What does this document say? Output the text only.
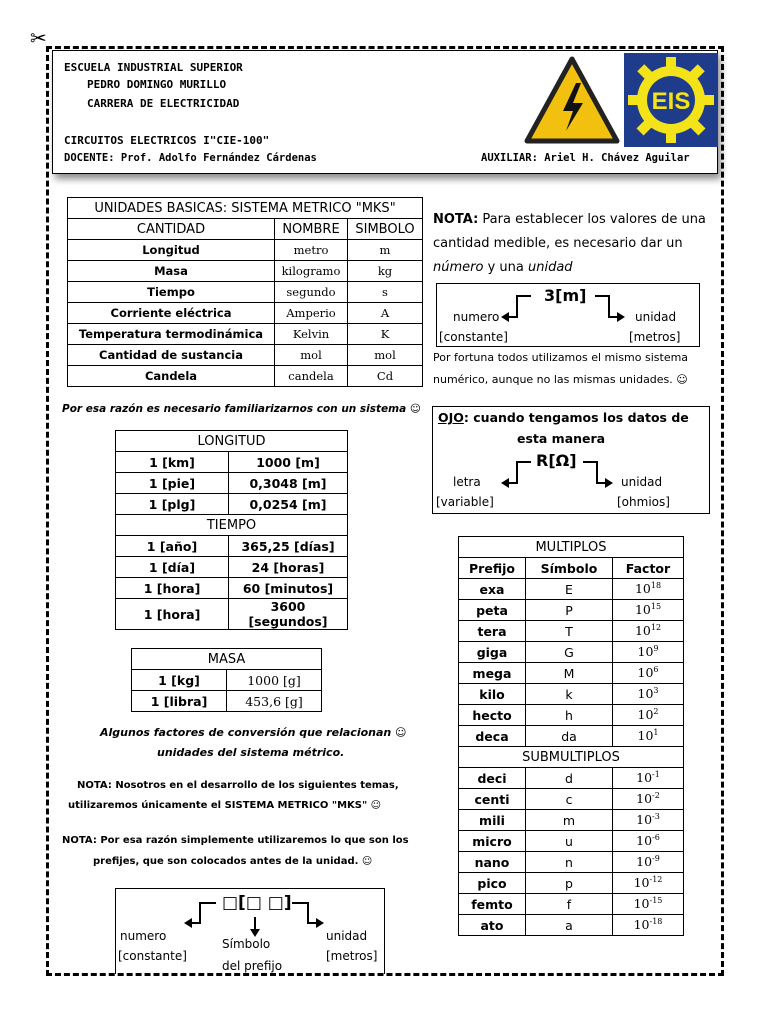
✂
ESCUELA INDUSTRIAL SUPERIOR
PEDRO DOMINGO MURILLO
CARRERA DE ELECTRICIDAD
CIRCUITOS ELECTRICOS I"CIE-100"
DOCENTE: Prof. Adolfo Fernández Cárdenas	AUXILIAR: Ariel H. Chávez Aguilar
EIS
UNIDADES BASICAS: SISTEMA METRICO "MKS"		
CANTIDAD	NOMBRE	SIMBOLO
Longitud	metro	m
Masa	kilogramo	kg
Tiempo	segundo	s
Corriente eléctrica	Amperio	A
Temperatura termodinámica	Kelvin	K
Cantidad de sustancia	mol	mol
Candela	candela	Cd
Por esa razón es necesario familiarizarnos con un sistema ☺
NOTA: Para establecer los valores de una
cantidad medible, es necesario dar un
número y una unidad
3[m]
numero
[constante]
unidad
[metros]
Por fortuna todos utilizamos el mismo sistema
numérico, aunque no las mismas unidades. ☺
OJO: cuando tengamos los datos de
esta manera
R[Ω]
letra
[variable]
unidad
[ohmios]
LONGITUD	
1 [km]	1000 [m]
1 [pie]	0,3048 [m]
1 [plg]	0,0254 [m]
TIEMPO	
1 [año]	365,25 [días]
1 [día]	24 [horas]
1 [hora]	60 [minutos]
1 [hora]	3600 [segundos]
MASA	
1 [kg]	1000 [g]
1 [libra]	453,6 [g]
Algunos factores de conversión que relacionan ☺
unidades del sistema métrico.
NOTA: Nosotros en el desarrollo de los siguientes temas,
utilizaremos únicamente el SISTEMA METRICO "MKS" ☺
NOTA: Por esa razón simplemente utilizaremos lo que son los
prefijes, que son colocados antes de la unidad. ☺
□[□ □]
numero
[constante]
Símbolo
del prefijo
unidad
[metros]
MULTIPLOS		
Prefijo	Símbolo	Factor
exa	E	$10^{18}$
peta	P	$10^{15}$
tera	T	$10^{12}$
giga	G	$10^9$
mega	M	$10^6$
kilo	k	$10^3$
hecto	h	$10^2$
deca	da	$10^1$
SUBMULTIPLOS		
deci	d	$10^{-1}$
centi	c	$10^{-2}$
mili	m	$10^{-3}$
micro	u	$10^{-6}$
nano	n	$10^{-9}$
pico	p	$10^{-12}$
femto	f	$10^{-15}$
ato	a	$10^{-18}$
